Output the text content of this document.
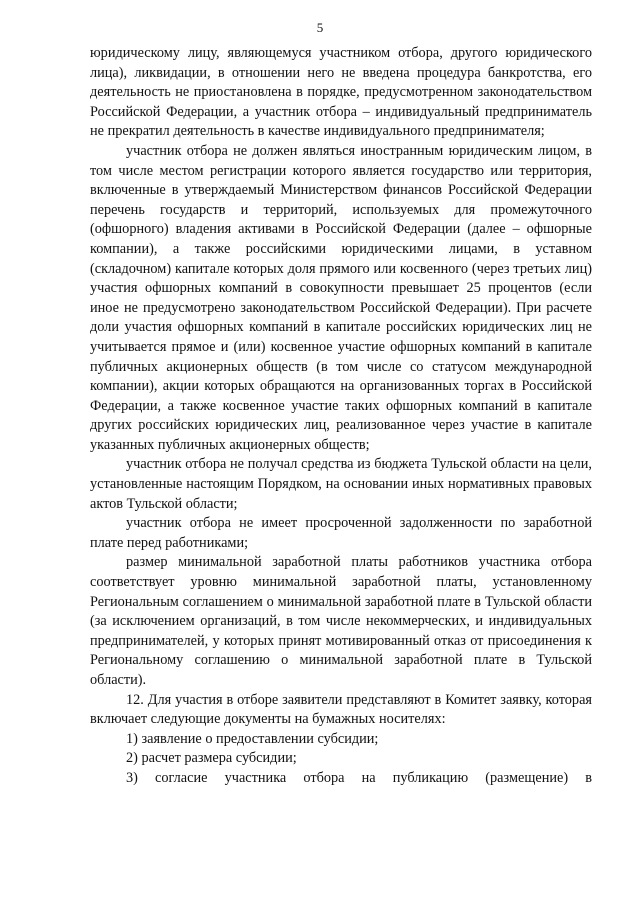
5

юридическому лицу, являющемуся участником отбора, другого юридического лица), ликвидации, в отношении него не введена процедура банкротства, его деятельность не приостановлена в порядке, предусмотренном законодательством Российской Федерации, а участник отбора – индивидуальный предприниматель не прекратил деятельность в качестве индивидуального предпринимателя;

участник отбора не должен являться иностранным юридическим лицом, в том числе местом регистрации которого является государство или территория, включенные в утверждаемый Министерством финансов Российской Федерации перечень государств и территорий, используемых для промежуточного (офшорного) владения активами в Российской Федерации (далее – офшорные компании), а также российскими юридическими лицами, в уставном (складочном) капитале которых доля прямого или косвенного (через третьих лиц) участия офшорных компаний в совокупности превышает 25 процентов (если иное не предусмотрено законодательством Российской Федерации). При расчете доли участия офшорных компаний в капитале российских юридических лиц не учитывается прямое и (или) косвенное участие офшорных компаний в капитале публичных акционерных обществ (в том числе со статусом международной компании), акции которых обращаются на организованных торгах в Российской Федерации, а также косвенное участие таких офшорных компаний в капитале других российских юридических лиц, реализованное через участие в капитале указанных публичных акционерных обществ;

участник отбора не получал средства из бюджета Тульской области на цели, установленные настоящим Порядком, на основании иных нормативных правовых актов Тульской области;

участник отбора не имеет просроченной задолженности по заработной плате перед работниками;

размер минимальной заработной платы работников участника отбора соответствует уровню минимальной заработной платы, установленному Региональным соглашением о минимальной заработной плате в Тульской области (за исключением организаций, в том числе некоммерческих, и индивидуальных предпринимателей, у которых принят мотивированный отказ от присоединения к Региональному соглашению о минимальной заработной плате в Тульской области).

12. Для участия в отборе заявители представляют в Комитет заявку, которая включает следующие документы на бумажных носителях:

1) заявление о предоставлении субсидии;

2) расчет размера субсидии;

3) согласие участника отбора на публикацию (размещение) в
